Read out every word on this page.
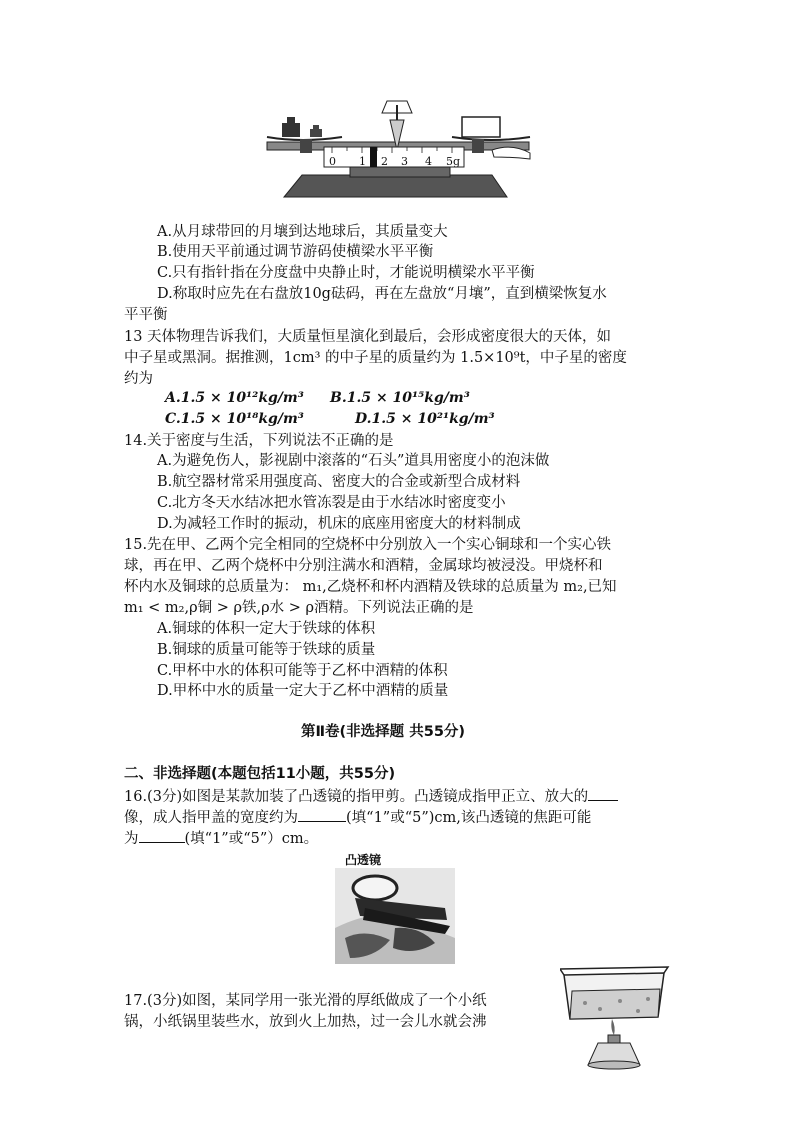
0 1 2 3 4 5g
A.从月球带回的月壤到达地球后，其质量变大
B.使用天平前通过调节游码使横梁水平平衡
C.只有指针指在分度盘中央静止时，才能说明横梁水平平衡
D.称取时应先在右盘放10g砝码，再在左盘放“月壤”，直到横梁恢复水
平平衡
13 天体物理告诉我们，大质量恒星演化到最后，会形成密度很大的天体，如
中子星或黑洞。据推测，1cm³ 的中子星的质量约为 1.5×10⁹t，中子星的密度
约为
A.1.5 × 10¹²kg/m³ B.1.5 × 10¹⁵kg/m³
C.1.5 × 10¹⁸kg/m³	D.1.5 × 10²¹kg/m³
14.关于密度与生活，下列说法不正确的是
A.为避免伤人，影视剧中滚落的“石头”道具用密度小的泡沫做
B.航空器材常采用强度高、密度大的合金或新型合成材料
C.北方冬天水结冰把水管冻裂是由于水结冰时密度变小
D.为减轻工作时的振动，机床的底座用密度大的材料制成
15.先在甲、乙两个完全相同的空烧杯中分别放入一个实心铜球和一个实心铁
球，再在甲、乙两个烧杯中分别注满水和酒精，金属球均被浸没。甲烧杯和
杯内水及铜球的总质量为： m₁,乙烧杯和杯内酒精及铁球的总质量为 m₂,已知
m₁ < m₂,ρ铜 > ρ铁,ρ水 > ρ酒精。下列说法正确的是
A.铜球的体积一定大于铁球的体积
B.铜球的质量可能等于铁球的质量
C.甲杯中水的体积可能等于乙杯中酒精的体积
D.甲杯中水的质量一定大于乙杯中酒精的质量
第Ⅱ卷(非选择题 共55分)
二、非选择题(本题包括11小题，共55分)
16.(3分)如图是某款加装了凸透镜的指甲剪。凸透镜成指甲正立、放大的
像，成人指甲盖的宽度约为	(填“1”或“5”)cm,该凸透镜的焦距可能
为	(填“1”或“5”）cm。
凸透镜
17.(3分)如图，某同学用一张光滑的厚纸做成了一个小纸
锅，小纸锅里装些水，放到火上加热，过一会儿水就会沸
